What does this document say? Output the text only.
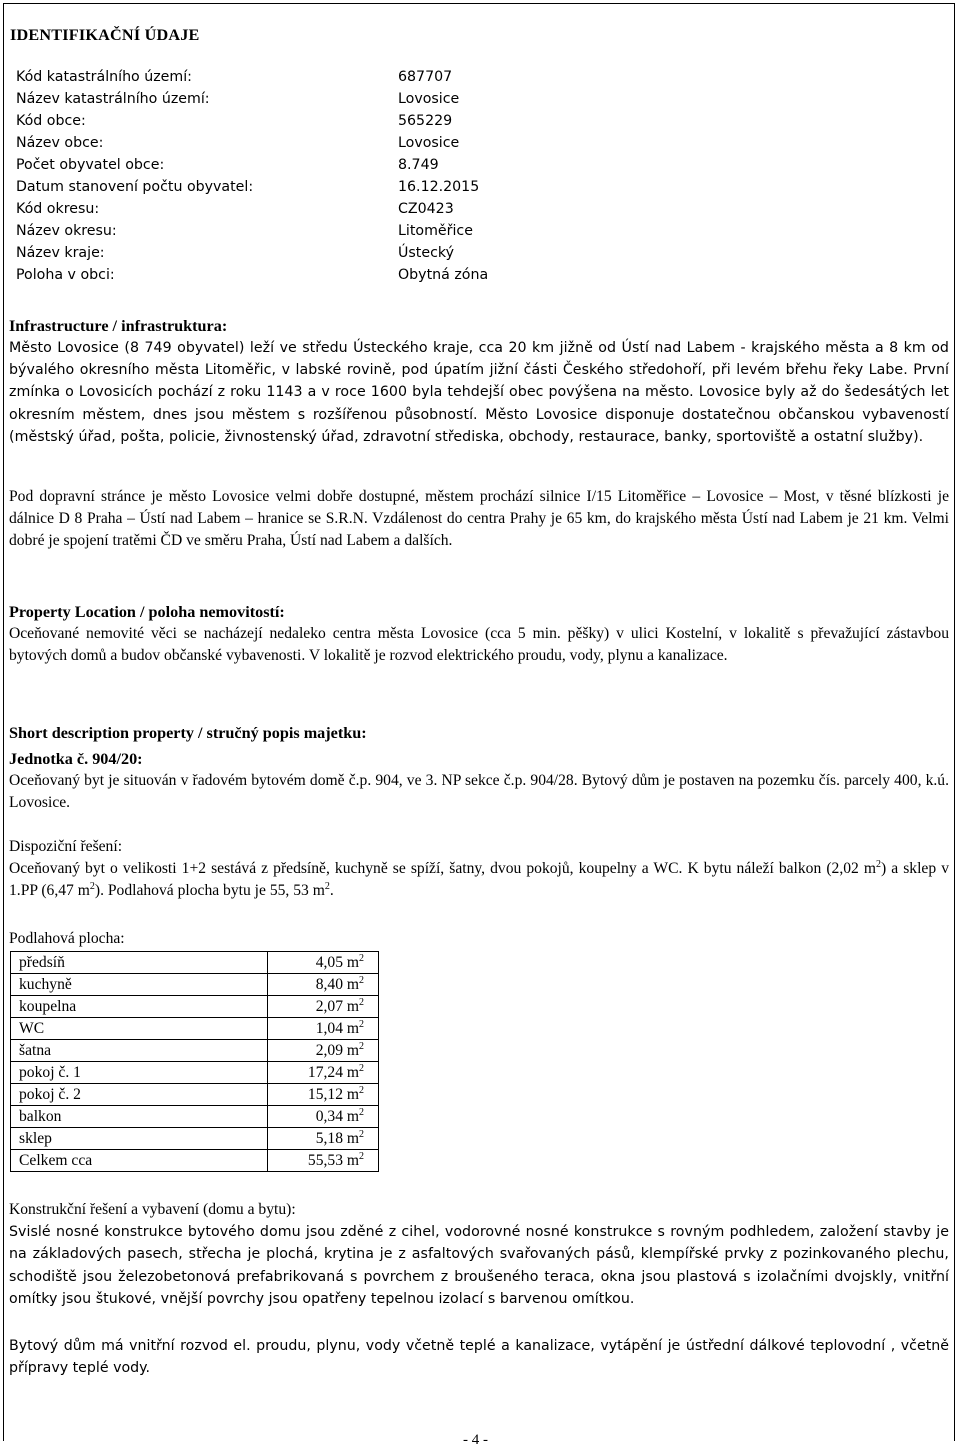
IDENTIFIKAČNÍ ÚDAJE
Kód katastrálního území:	687707
Název katastrálního území:	Lovosice
Kód obce:	565229
Název obce:	Lovosice
Počet obyvatel obce:	8.749
Datum stanovení počtu obyvatel:	16.12.2015
Kód okresu:	CZ0423
Název okresu:	Litoměřice
Název kraje:	Ústecký
Poloha v obci:	Obytná zóna
Infrastructure / infrastruktura:
Město Lovosice (8 749 obyvatel) leží ve středu Ústeckého kraje, cca 20 km jižně od Ústí nad Labem - krajského města a 8 km od bývalého okresního města Litoměřic, v labské rovině, pod úpatím jižní části Českého středohoří, při levém břehu řeky Labe. První zmínka o Lovosicích pochází z roku 1143 a v roce 1600 byla tehdejší obec povýšena na město. Lovosice byly až do šedesátých let okresním městem, dnes jsou městem s rozšířenou působností. Město Lovosice disponuje dostatečnou občanskou vybaveností (městský úřad, pošta, policie, živnostenský úřad, zdravotní střediska, obchody, restaurace, banky, sportoviště a ostatní služby).
Pod dopravní stránce je město Lovosice velmi dobře dostupné, městem prochází silnice I/15 Litoměřice – Lovosice – Most, v těsné blízkosti je dálnice D 8 Praha – Ústí nad Labem – hranice se S.R.N. Vzdálenost do centra Prahy je 65 km, do krajského města Ústí nad Labem je 21 km. Velmi dobré je spojení tratěmi ČD ve směru Praha, Ústí nad Labem a dalších.
Property Location / poloha nemovitostí:
Oceňované nemovité věci se nacházejí nedaleko centra města Lovosice (cca 5 min. pěšky) v ulici Kostelní, v lokalitě s převažující zástavbou bytových domů a budov občanské vybavenosti. V lokalitě je rozvod elektrického proudu, vody, plynu a kanalizace.
Short description property / stručný popis majetku:
Jednotka č. 904/20:
Oceňovaný byt je situován v řadovém bytovém domě č.p. 904, ve 3. NP sekce č.p. 904/28. Bytový dům je postaven na pozemku čís. parcely 400, k.ú. Lovosice.
Dispoziční řešení:
Oceňovaný byt o velikosti 1+2 sestává z předsíně, kuchyně se spíží, šatny, dvou pokojů, koupelny a WC. K bytu náleží balkon (2,02 $m^2$) a sklep v 1.PP (6,47 $m^2$). Podlahová plocha bytu je 55, 53 $m^2$.
Podlahová plocha:
předsíň	4,05 $m^2$
kuchyně	8,40 $m^2$
koupelna	2,07 $m^2$
WC	1,04 $m^2$
šatna	2,09 $m^2$
pokoj č. 1	17,24 $m^2$
pokoj č. 2	15,12 $m^2$
balkon	0,34 $m^2$
sklep	5,18 $m^2$
Celkem cca	55,53 $m^2$
Konstrukční řešení a vybavení (domu a bytu):
Svislé nosné konstrukce bytového domu jsou zděné z cihel, vodorovné nosné konstrukce s rovným podhledem, založení stavby je na základových pasech, střecha je plochá, krytina je z asfaltových svařovaných pásů, klempířské prvky z pozinkovaného plechu, schodiště jsou železobetonová prefabrikovaná s povrchem z broušeného teraca, okna jsou plastová s izolačními dvojskly, vnitřní omítky jsou štukové, vnější povrchy jsou opatřeny tepelnou izolací s barvenou omítkou.
Bytový dům má vnitřní rozvod el. proudu, plynu, vody včetně teplé a kanalizace, vytápění je ústřední dálkové teplovodní , včetně přípravy teplé vody.
- 4 -
